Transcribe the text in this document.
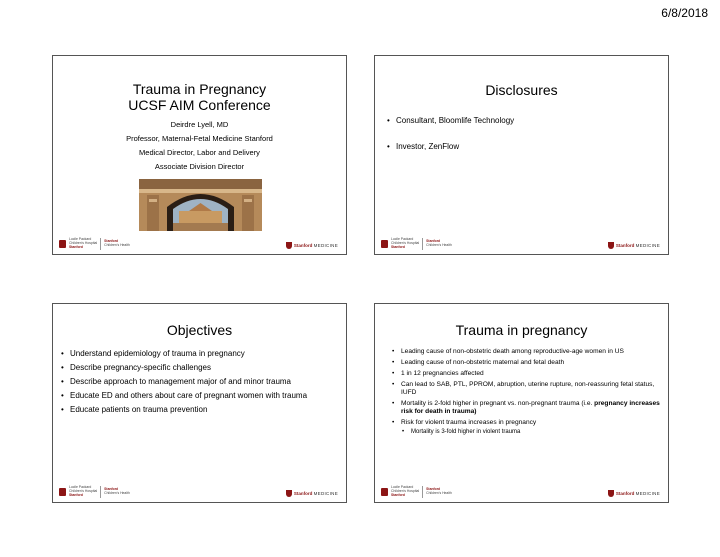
6/8/2018
Trauma in Pregnancy
UCSF AIM Conference
Deirdre Lyell, MD
Professor, Maternal-Fetal Medicine Stanford
Medical Director, Labor and Delivery
Associate Division Director
Lucile Packard
Children's Hospital
Stanford
Stanford
Children's Health	Stanford MEDICINE
Disclosures
• Consultant, Bloomlife Technology
• Investor, ZenFlow
Lucile Packard
Children's Hospital
Stanford
Stanford
Children's Health	Stanford MEDICINE
Objectives
• Understand epidemiology of trauma in pregnancy
• Describe pregnancy-specific challenges
• Describe approach to management major of and minor trauma
• Educate ED and others about care of pregnant women with trauma
• Educate patients on trauma prevention
Lucile Packard
Children's Hospital
Stanford
Stanford
Children's Health	Stanford MEDICINE
Trauma in pregnancy
• Leading cause of non-obstetric death among reproductive-age women in US
• Leading cause of non-obstetric maternal and fetal death
• 1 in 12 pregnancies affected
• Can lead to SAB, PTL, PPROM, abruption, uterine rupture, non-reassuring fetal status, IUFD
• Mortality is 2-fold higher in pregnant vs. non-pregnant trauma (i.e. pregnancy increases risk for death in trauma)
• Risk for violent trauma increases in pregnancy
• Mortality is 3-fold higher in violent trauma
Lucile Packard
Children's Hospital
Stanford
Stanford
Children's Health	Stanford MEDICINE
